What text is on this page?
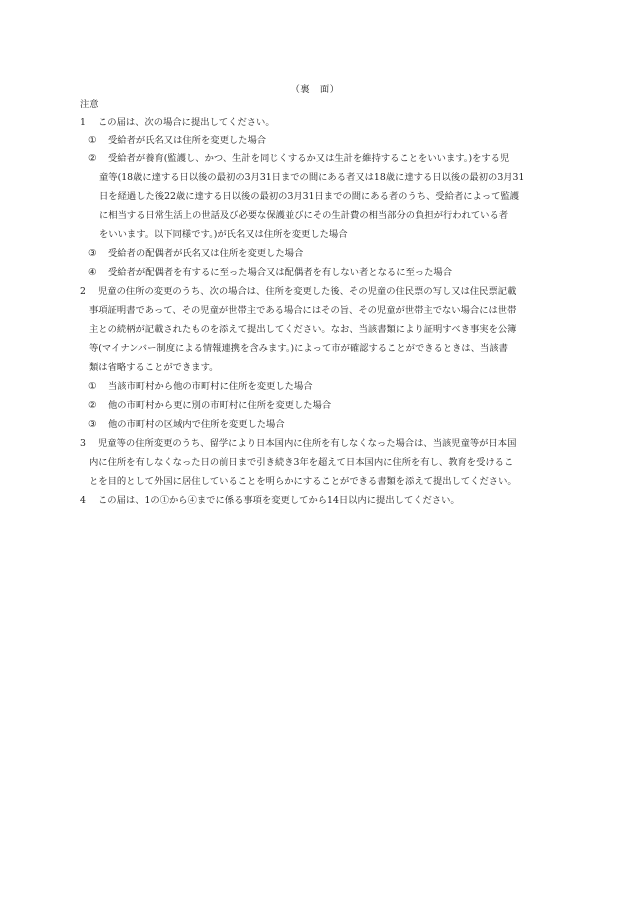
（裏　面）
注意
1 この届は、次の場合に提出してください。
① 受給者が氏名又は住所を変更した場合
② 受給者が養育(監護し、かつ、生計を同じくするか又は生計を維持することをいいます。)をする児
童等(18歳に達する日以後の最初の3月31日までの間にある者又は18歳に達する日以後の最初の3月31
日を経過した後22歳に達する日以後の最初の3月31日までの間にある者のうち、受給者によって監護
に相当する日常生活上の世話及び必要な保護並びにその生計費の相当部分の負担が行われている者
をいいます。以下同様です。)が氏名又は住所を変更した場合
③ 受給者の配偶者が氏名又は住所を変更した場合
④ 受給者が配偶者を有するに至った場合又は配偶者を有しない者となるに至った場合
2 児童の住所の変更のうち、次の場合は、住所を変更した後、その児童の住民票の写し又は住民票記載
事項証明書であって、その児童が世帯主である場合にはその旨、その児童が世帯主でない場合には世帯
主との続柄が記載されたものを添えて提出してください。なお、当該書類により証明すべき事実を公簿
等(マイナンバー制度による情報連携を含みます。)によって市が確認することができるときは、当該書
類は省略することができます。
① 当該市町村から他の市町村に住所を変更した場合
② 他の市町村から更に別の市町村に住所を変更した場合
③ 他の市町村の区域内で住所を変更した場合
3 児童等の住所変更のうち、留学により日本国内に住所を有しなくなった場合は、当該児童等が日本国
内に住所を有しなくなった日の前日まで引き続き3年を超えて日本国内に住所を有し、教育を受けるこ
とを目的として外国に居住していることを明らかにすることができる書類を添えて提出してください。
4 この届は、1の①から④までに係る事項を変更してから14日以内に提出してください。
